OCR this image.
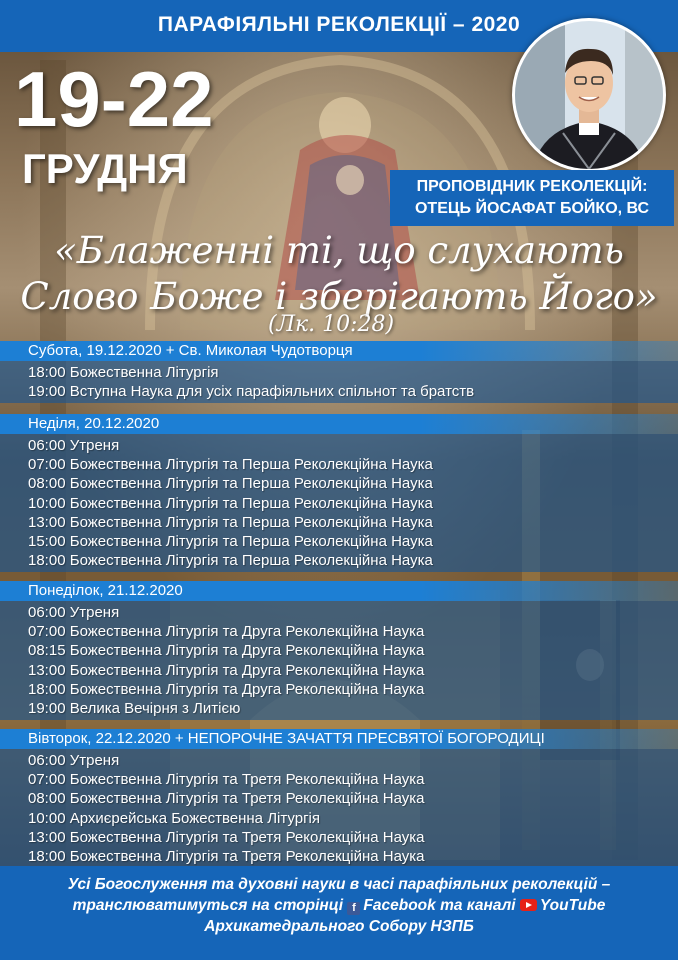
ПАРАФІЯЛЬНІ РЕКОЛЕКЦІЇ – 2020
19-22
ГРУДНЯ	ПРОПОВІДНИК РЕКОЛЕКЦІЙ:
ОТЕЦЬ ЙОСАФАТ БОЙКО, ВС
«Блаженні ті, що слухають
Слово Боже і зберігають Його»
(Лк. 10:28)
Субота, 19.12.2020 + Св. Миколая Чудотворця
18:00 Божественна Літургія
19:00 Вступна Наука для усіх парафіяльних спільнот та братств
Неділя, 20.12.2020
06:00 Утреня
07:00 Божественна Літургія та Перша Реколекційна Наука
08:00 Божественна Літургія та Перша Реколекційна Наука
10:00 Божественна Літургія та Перша Реколекційна Наука
13:00 Божественна Літургія та Перша Реколекційна Наука
15:00 Божественна Літургія та Перша Реколекційна Наука
18:00 Божественна Літургія та Перша Реколекційна Наука
Понеділок, 21.12.2020
06:00 Утреня
07:00 Божественна Літургія та Друга Реколекційна Наука
08:15 Божественна Літургія та Друга Реколекційна Наука
13:00 Божественна Літургія та Друга Реколекційна Наука
18:00 Божественна Літургія та Друга Реколекційна Наука
19:00 Велика Вечірня з Литією
Вівторок, 22.12.2020 + НЕПОРОЧНЕ ЗАЧАТТЯ ПРЕСВЯТОЇ БОГОРОДИЦІ
06:00 Утреня
07:00 Божественна Літургія та Третя Реколекційна Наука
08:00 Божественна Літургія та Третя Реколекційна Наука
10:00 Архиєрейська Божественна Літургія
13:00 Божественна Літургія та Третя Реколекційна Наука
18:00 Божественна Літургія та Третя Реколекційна Наука
Усі Богослуження та духовні науки в часі парафіяльних реколекцій –
транслюватимуться на сторінці f Facebook та каналі YouTube
Архикатедрального Собору НЗПБ
